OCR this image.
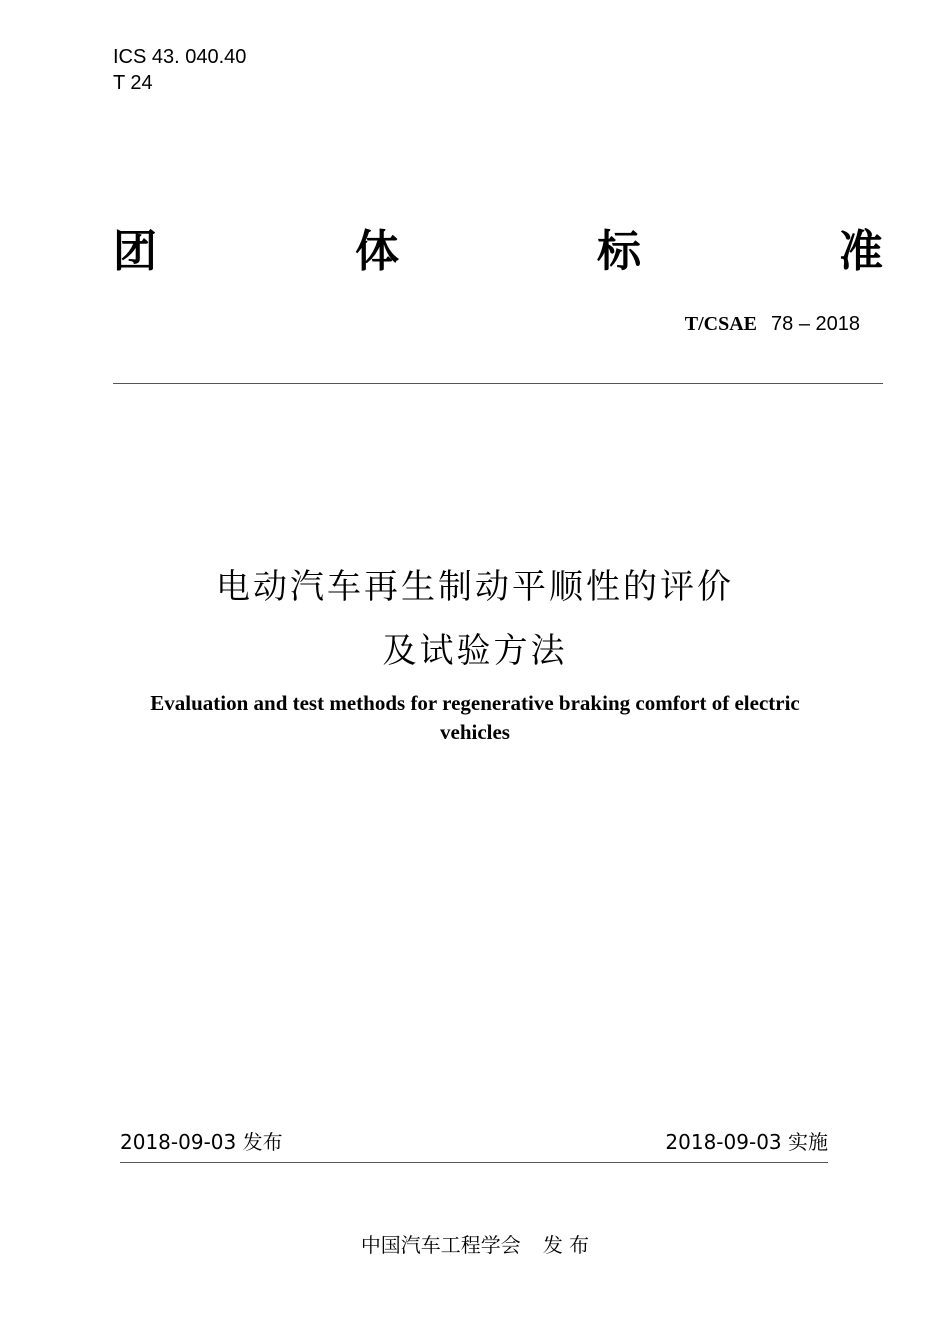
ICS 43. 040.40
T 24
团	体	标	准
T/CSAE 78 – 2018
电动汽车再生制动平顺性的评价
及试验方法
Evaluation and test methods for regenerative braking comfort of electric
vehicles
2018-09-03 发布	2018-09-03 实施
中国汽车工程学会 发 布
